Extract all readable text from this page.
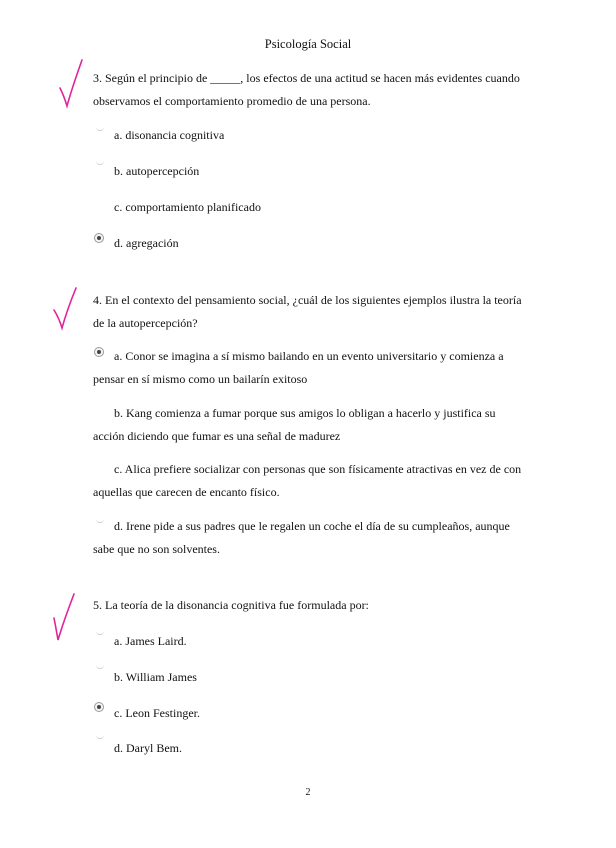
Psicología Social
3. Según el principio de _____, los efectos de una actitud se hacen más evidentes cuando observamos el comportamiento promedio de una persona.
a. disonancia cognitiva
b. autopercepción
c. comportamiento planificado
d. agregación
4. En el contexto del pensamiento social, ¿cuál de los siguientes ejemplos ilustra la teoría de la autopercepción?
a. Conor se imagina a sí mismo bailando en un evento universitario y comienza a pensar en sí mismo como un bailarín exitoso
b. Kang comienza a fumar porque sus amigos lo obligan a hacerlo y justifica su acción diciendo que fumar es una señal de madurez
c. Alica prefiere socializar con personas que son físicamente atractivas en vez de con aquellas que carecen de encanto físico.
d. Irene pide a sus padres que le regalen un coche el día de su cumpleaños, aunque sabe que no son solventes.
5. La teoría de la disonancia cognitiva fue formulada por:
a. James Laird.
b. William James
c. Leon Festinger.
d. Daryl Bem.
2
